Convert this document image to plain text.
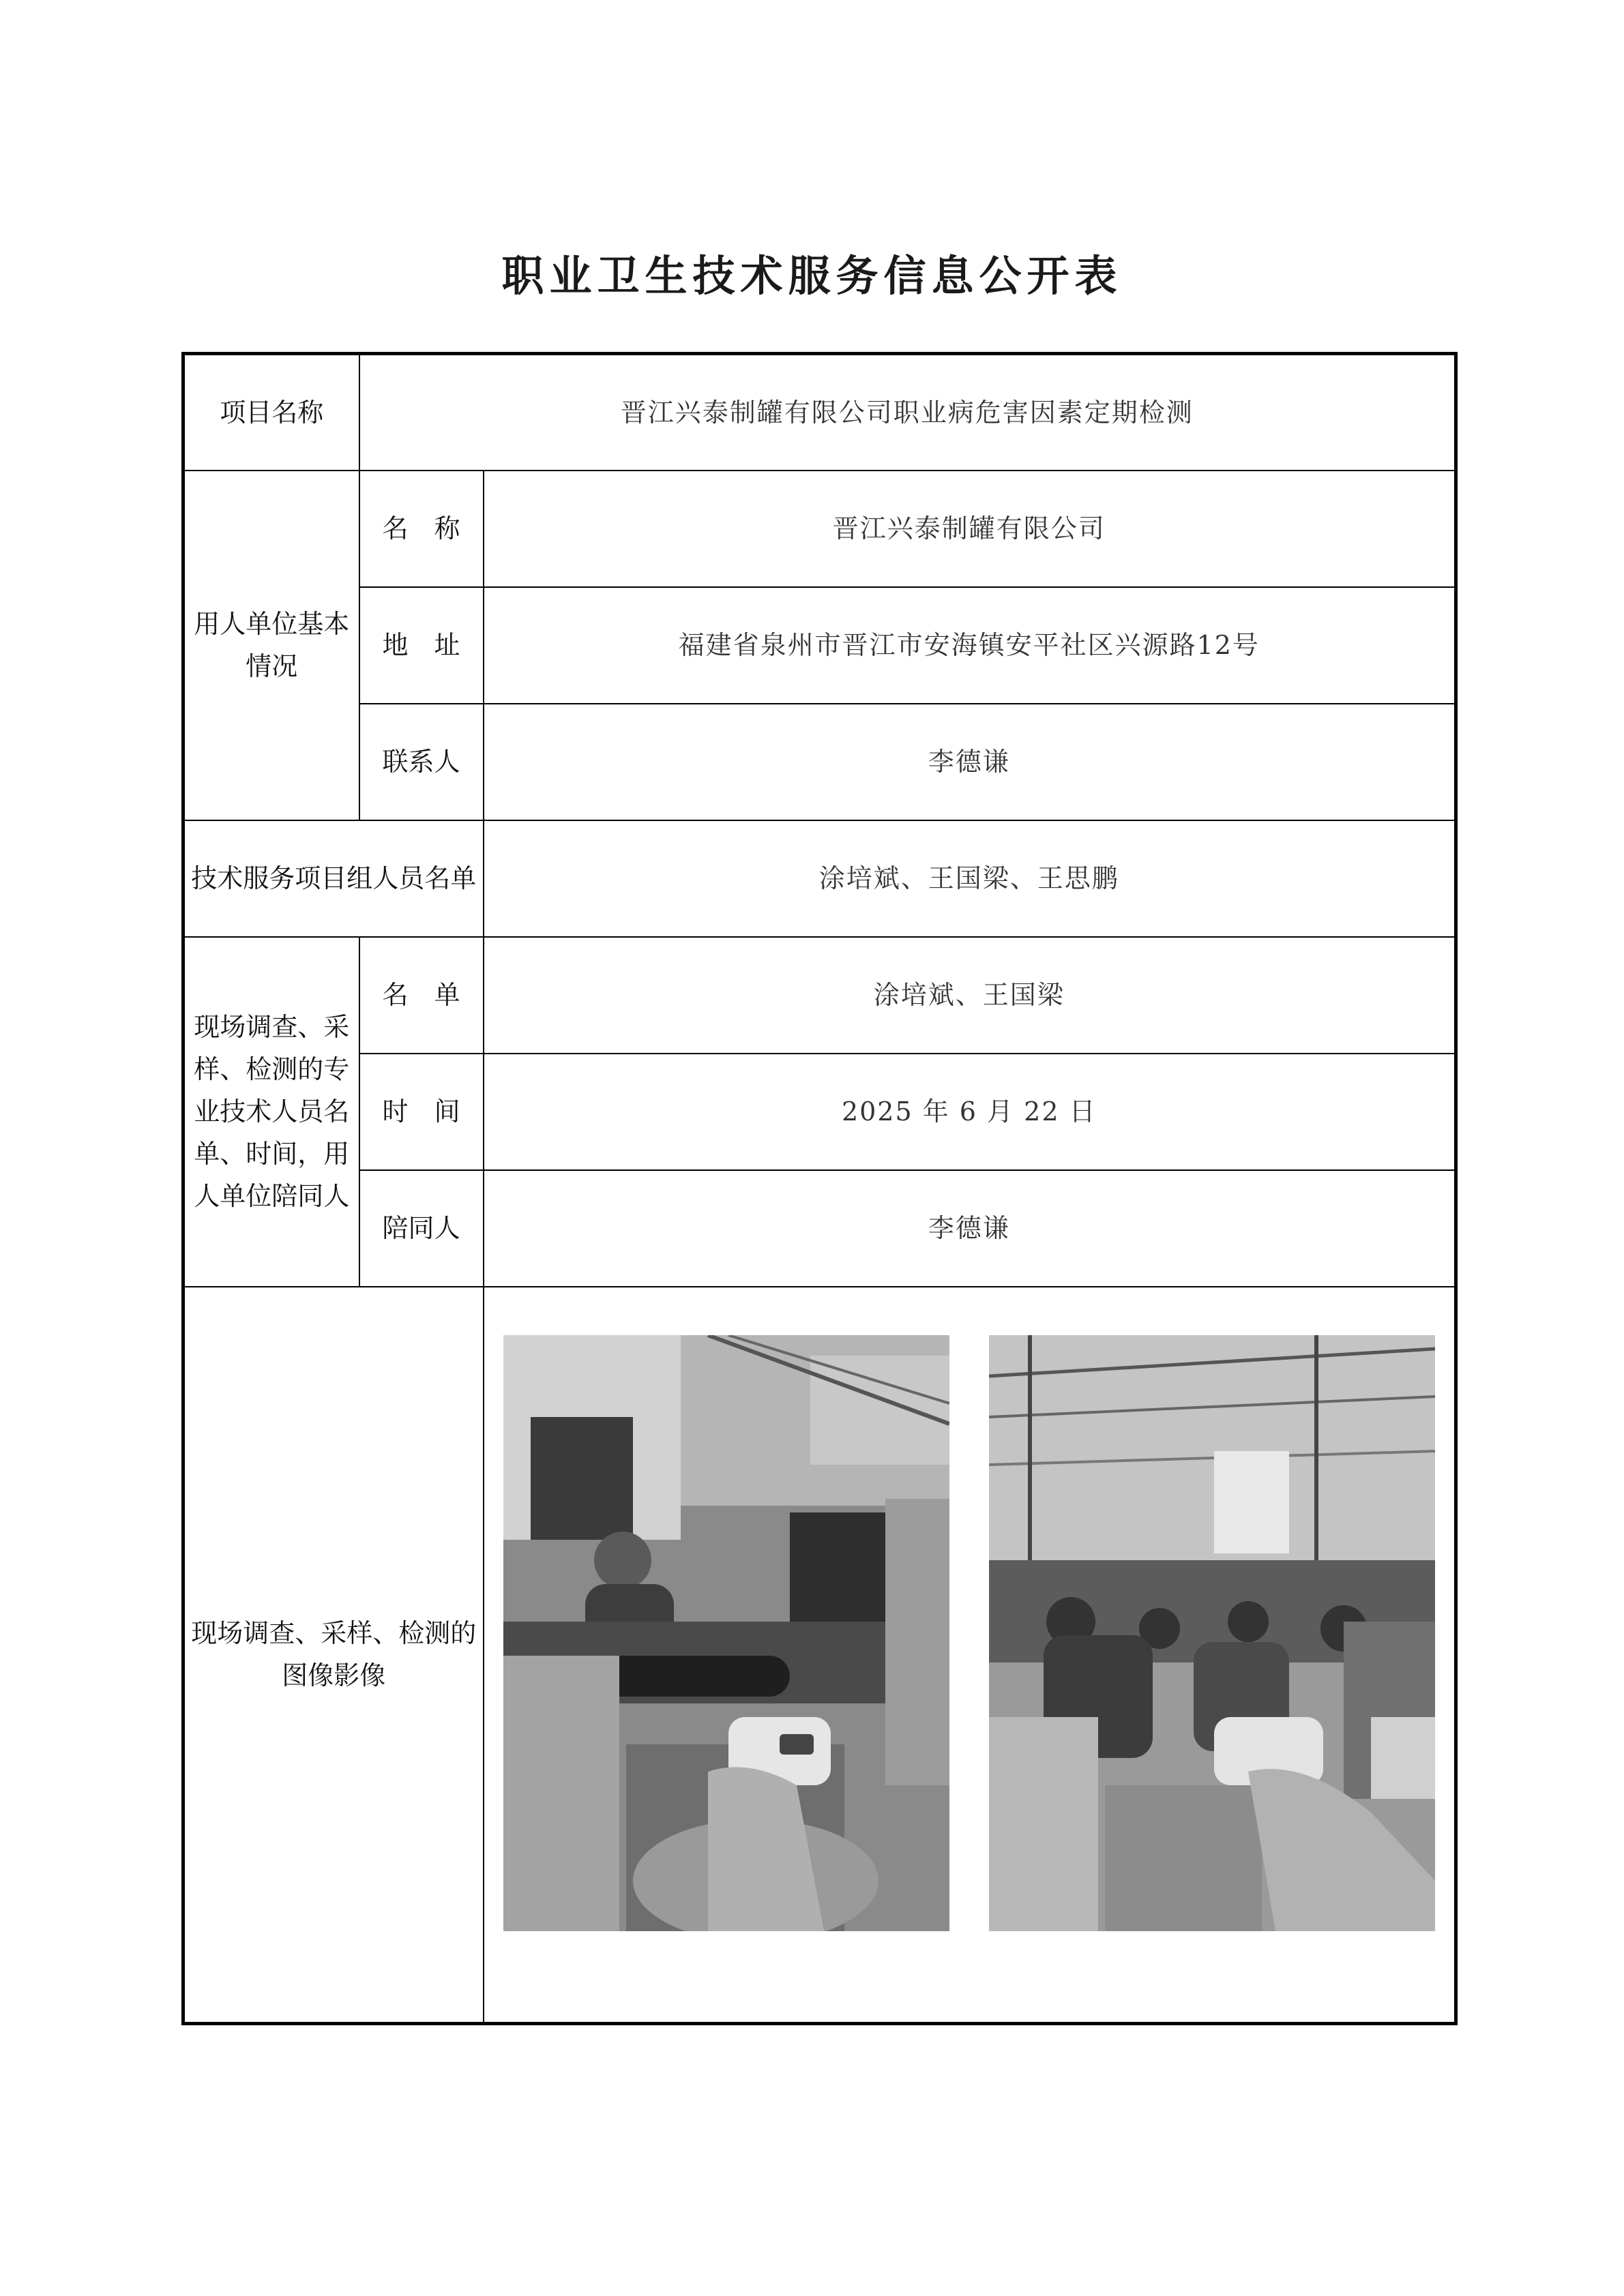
职业卫生技术服务信息公开表
项目名称	晋江兴泰制罐有限公司职业病危害因素定期检测	
用人单位基本情况	名　称	晋江兴泰制罐有限公司
	地　址	福建省泉州市晋江市安海镇安平社区兴源路12号
	联系人	李德谦
技术服务项目组人员名单		涂培斌、王国梁、王思鹏
现场调查、采样、检测的专业技术人员名单、时间，用人单位陪同人	名　单	涂培斌、王国梁
	时　间	2025 年 6 月 22 日
	陪同人	李德谦
现场调查、采样、检测的图像影像	
